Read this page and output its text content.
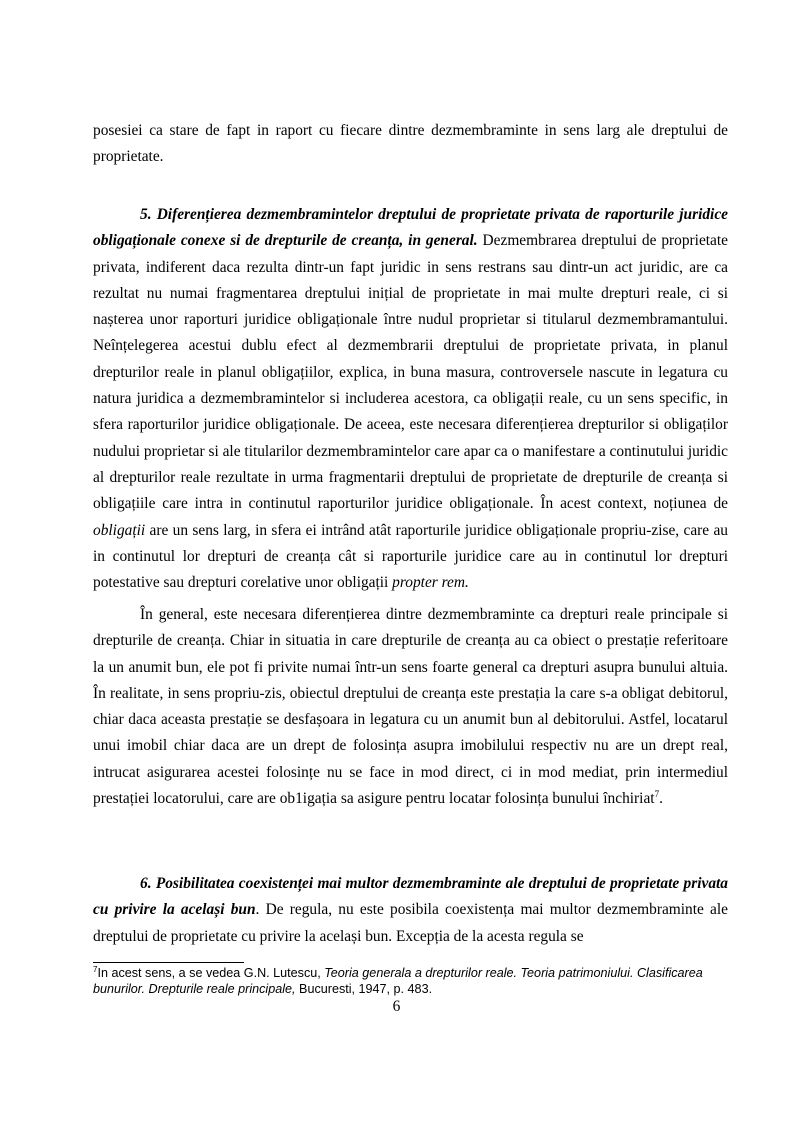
posesiei ca stare de fapt in raport cu fiecare dintre dezmembraminte in sens larg ale dreptului de proprietate.

5. Diferențierea dezmembramintelor dreptului de proprietate privata de raporturile juridice obligaționale conexe si de drepturile de creanța, in general. Dezmembrarea dreptului de proprietate privata, indiferent daca rezulta dintr-un fapt juridic in sens restrans sau dintr-un act juridic, are ca rezultat nu numai fragmentarea dreptului inițial de proprietate in mai multe drepturi reale, ci si nașterea unor raporturi juridice obligaționale între nudul proprietar si titularul dezmembramantului. Neînțelegerea acestui dublu efect al dezmembrarii dreptului de proprietate privata, in planul drepturilor reale in planul obligațiilor, explica, in buna masura, controversele nascute in legatura cu natura juridica a dezmembramintelor si includerea acestora, ca obligații reale, cu un sens specific, in sfera raporturilor juridice obligaționale. De aceea, este necesara diferențierea drepturilor si obligaților nudului proprietar si ale titularilor dezmembramintelor care apar ca o manifestare a continutului juridic al drepturilor reale rezultate in urma fragmentarii dreptului de proprietate de drepturile de creanța si obligațiile care intra in continutul raporturilor juridice obligaționale. În acest context, noțiunea de obligații are un sens larg, in sfera ei intrând atât raporturile juridice obligaționale propriu-zise, care au in continutul lor drepturi de creanța cât si raporturile juridice care au in continutul lor drepturi potestative sau drepturi corelative unor obligații propter rem.

În general, este necesara diferențierea dintre dezmembraminte ca drepturi reale principale si drepturile de creanța. Chiar in situatia in care drepturile de creanța au ca obiect o prestație referitoare la un anumit bun, ele pot fi privite numai într-un sens foarte general ca drepturi asupra bunului altuia. În realitate, in sens propriu-zis, obiectul dreptului de creanța este prestația la care s-a obligat debitorul, chiar daca aceasta prestație se desfașoara in legatura cu un anumit bun al debitorului. Astfel, locatarul unui imobil chiar daca are un drept de folosința asupra imobilului respectiv nu are un drept real, intrucat asigurarea acestei folosințe nu se face in mod direct, ci in mod mediat, prin intermediul prestației locatorului, care are ob1igația sa asigure pentru locatar folosința bunului închiriat$^7$.

6. Posibilitatea coexistenței mai multor dezmembraminte ale dreptului de proprietate privata cu privire la același bun. De regula, nu este posibila coexistența mai multor dezmembraminte ale dreptului de proprietate cu privire la același bun. Excepția de la acesta regula se

$^7$In acest sens, a se vedea G.N. Lutescu, Teoria generala a drepturilor reale. Teoria patrimoniului. Clasificarea bunurilor. Drepturile reale principale, Bucuresti, 1947, p. 483.

6
